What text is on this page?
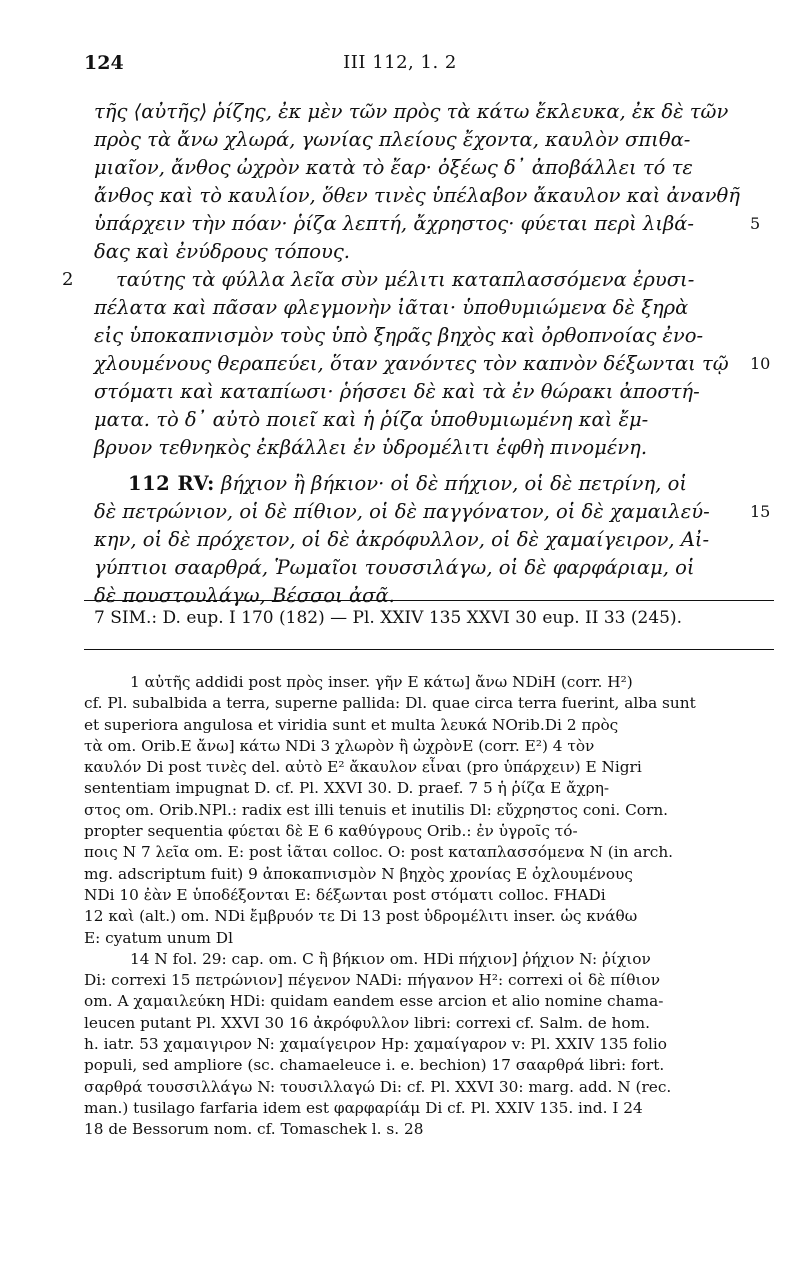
124	III 112, 1. 2
τῆς ⟨αὐτῆς⟩ ῥίζης, ἐκ μὲν τῶν πρὸς τὰ κάτω ἔκλευκα, ἐκ δὲ τῶν
πρὸς τὰ ἄνω χλωρά, γωνίας πλείους ἔχοντα, καυλὸν σπιθα-
μιαῖον, ἄνθος ὠχρὸν κατὰ τὸ ἔαρ· ὀξέως δ᾽ ἀποβάλλει τό τε
ἄνθος καὶ τὸ καυλίον, ὅθεν τινὲς ὑπέλαβον ἄκαυλον καὶ ἀνανθῆ
ὑπάρχειν τὴν πόαν· ῥίζα λεπτή, ἄχρηστος· φύεται περὶ λιβά-	5
δας καὶ ἐνύδρους τόπους.
2 ταύτης τὰ φύλλα λεῖα σὺν μέλιτι καταπλασσόμενα ἐρυσι-
πέλατα καὶ πᾶσαν φλεγμονὴν ἰᾶται· ὑποθυμιώμενα δὲ ξηρὰ
εἰς ὑποκαπνισμὸν τοὺς ὑπὸ ξηρᾶς βηχὸς καὶ ὀρθοπνοίας ἐνο-
χλουμένους θεραπεύει, ὅταν χανόντες τὸν καπνὸν δέξωνται τῷ 10
στόματι καὶ καταπίωσι· ῥήσσει δὲ καὶ τὰ ἐν θώρακι ἀποστή-
ματα. τὸ δ᾽ αὐτὸ ποιεῖ καὶ ἡ ῥίζα ὑποθυμιωμένη καὶ ἔμ-
βρυον τεθνηκὸς ἐκβάλλει ἐν ὑδρομέλιτι ἑφθὴ πινομένη.
112 RV: βήχιον ἢ βήκιον· οἱ δὲ πήχιον, οἱ δὲ πετρίνη, οἱ
δὲ πετρώνιον, οἱ δὲ πίθιον, οἱ δὲ παγγόνατον, οἱ δὲ χαμαιλεύ-	15
κην, οἱ δὲ πρόχετον, οἱ δὲ ἀκρόφυλλον, οἱ δὲ χαμαίγειρον, Αἰ-
γύπτιοι σααρθρά, Ῥωμαῖοι τουσσιλάγω, οἱ δὲ φαρφάριαμ, οἱ
δὲ πουστουλάγω, Βέσσοι ἀσᾶ.
7 SIM.: D. eup. I 170 (182) — Pl. XXIV 135 XXVI 30 eup. II 33 (245).

1 αὐτῆς addidi post πρὸς inser. γῆν E κάτω] ἄνω NDiH (corr. H²)

cf. Pl. subalbida a terra, superne pallida: Dl. quae circa terra fuerint, alba sunt

et superiora angulosa et viridia sunt et multa λευκά NOrib.Di 2 πρὸς

τὰ om. Orib.E ἄνω] κάτω NDi 3 χλωρὸν ἢ ὠχρὸνE (corr. E²) 4 τὸν

καυλόν Di post τινὲς del. αὐτὸ E² ἄκαυλον εἶναι (pro ὑπάρχειν) E Nigri

sententiam impugnat D. cf. Pl. XXVI 30. D. praef. 7 5 ἡ ῥίζα E ἄχρη-

στος om. Orib.NPl.: radix est illi tenuis et inutilis Dl: εὔχρηστος coni. Corn.

propter sequentia φύεται δὲ E 6 καθύγρους Orib.: ἐν ὑγροῖς τό-

ποις N 7 λεῖα om. E: post ἰᾶται colloc. O: post καταπλασσόμενα N (in arch.

mg. adscriptum fuit) 9 ἀποκαπνισμὸν N βηχὸς χρονίας E ὀχλουμένους

NDi 10 ἐὰν E ὑποδέξονται E: δέξωνται post στόματι colloc. FHADi

12 καὶ (alt.) om. NDi ἔμβρυόν τε Di 13 post ὑδρομέλιτι inser. ὡς κνάθω

E: cyatum unum Dl

14 N fol. 29: cap. om. C ἢ βήκιον om. HDi πήχιον] ῥήχιον N: ῥίχιον

Di: correxi 15 πετρώνιον] πέγενον NADi: πήγανον H²: correxi οἱ δὲ πίθιον

om. A χαμαιλεύκη HDi: quidam eandem esse arcion et alio nomine chama-

leucen putant Pl. XXVI 30 16 ἀκρόφυλλον libri: correxi cf. Salm. de hom.

h. iatr. 53 χαμαιγιρον N: χαμαίγειρον Hp: χαμαίγαρον v: Pl. XXIV 135 folio

populi, sed ampliore (sc. chamaeleuce i. e. bechion) 17 σααρθρά libri: fort.

σαρθρά τουσσιλλάγω N: τουσιλλαγώ Di: cf. Pl. XXVI 30: marg. add. N (rec.

man.) tusilago farfaria idem est φαρφαρίάμ Di cf. Pl. XXIV 135. ind. I 24

18 de Bessorum nom. cf. Tomaschek l. s. 28
